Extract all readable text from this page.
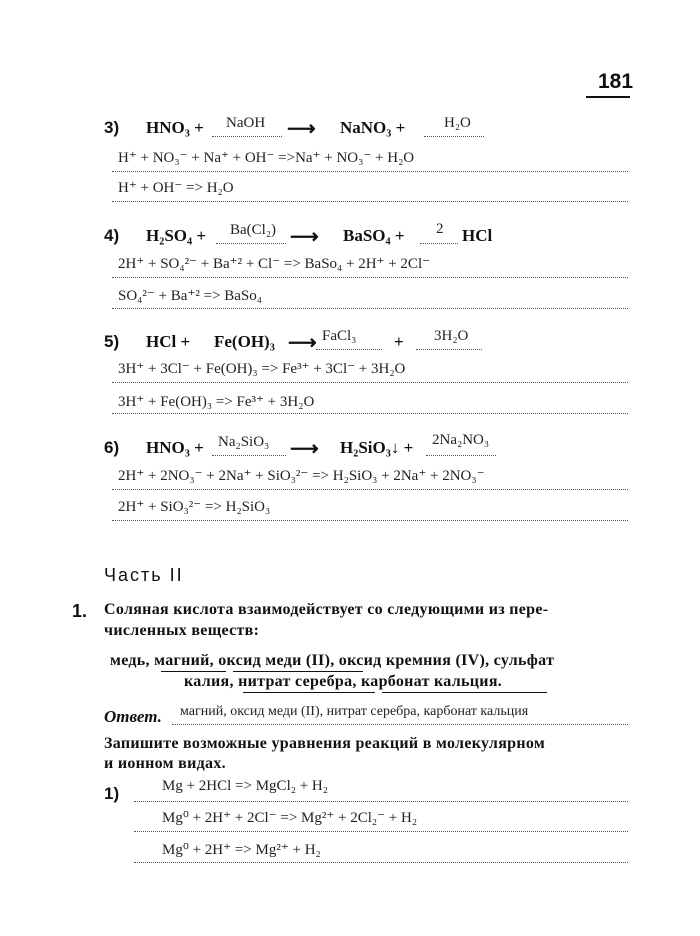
181
3) HNO₃ + NaOH ⟶ NaNO₃ +	H₂O
H⁺ + NO₃⁻ + Na⁺ + OH⁻ =>Na⁺ + NO₃⁻ + H₂O
H⁺ + OH⁻ => H₂O
4) H₂SO₄ + Ba(Cl₂) ⟶ BaSO₄ + 2 HCl
2H⁺ + SO₄²⁻ + Ba⁺² + Cl⁻ => BaSo₄ + 2H⁺ + 2Cl⁻
SO₄²⁻ + Ba⁺² => BaSo₄
5) HCl + Fe(OH)₃ ⟶ FaCl₃ + 3H₂O
3H⁺ + 3Cl⁻ + Fe(OH)₃ => Fe³⁺ + 3Cl⁻ + 3H₂O
3H⁺ + Fe(OH)₃ => Fe³⁺ + 3H₂O
6) HNO₃ + Na₂SiO₃ ⟶ H₂SiO₃↓ + 2Na₂NO₃
2H⁺ + 2NO₃⁻ + 2Na⁺ + SiO₃²⁻ => H₂SiO₃ + 2Na⁺ + 2NO₃⁻
2H⁺ + SiO₃²⁻ => H₂SiO₃
Часть II
1. Соляная кислота взаимодействует со следующими из пере-
численных веществ:
медь, магний, оксид меди (II), оксид кремния (IV), сульфат
калия, нитрат серебра, карбонат кальция.
Ответ. магний, оксид меди (II), нитрат серебра, карбонат кальция
Запишите возможные уравнения реакций в молекулярном
и ионном видах.
1)	Mg + 2HCl => MgCl₂ + H₂
Mg⁰ + 2H⁺ + 2Cl⁻ => Mg²⁺ + 2Cl₂⁻ + H₂
Mg⁰ + 2H⁺ => Mg²⁺ + H₂
